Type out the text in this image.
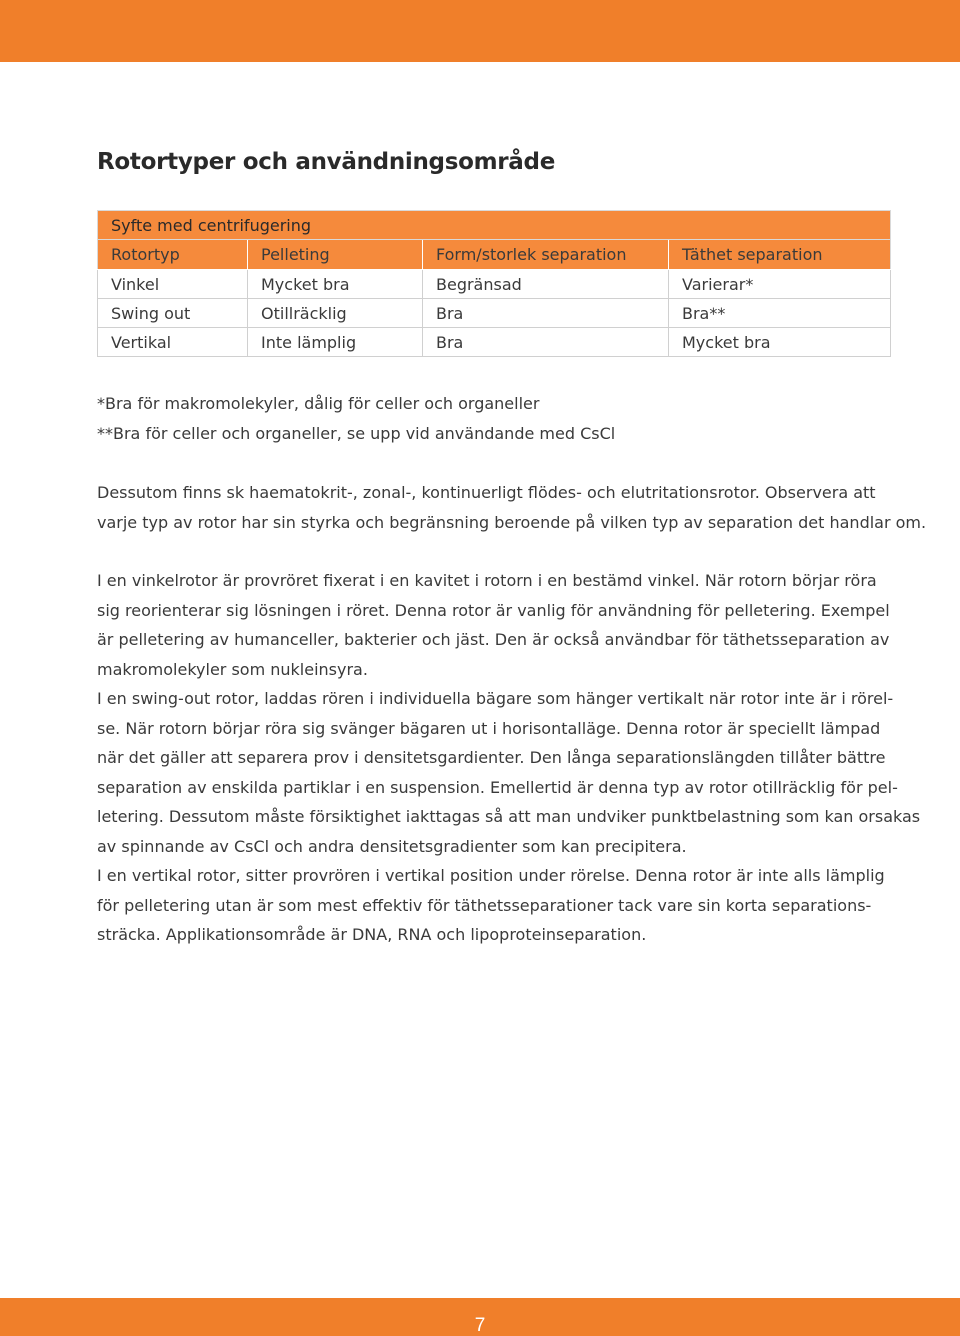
Rotortyper och användningsområde
Syfte med centrifugering			
Rotortyp	Pelleting	Form/storlek separation	Täthet separation
Vinkel	Mycket bra	Begränsad	Varierar*
Swing out	Otillräcklig	Bra	Bra**
Vertikal	Inte lämplig	Bra	Mycket bra

*Bra för makromolekyler, dålig för celler och organeller

**Bra för celler och organeller, se upp vid användande med CsCl

Dessutom finns sk haematokrit-, zonal-, kontinuerligt flödes- och elutritationsrotor. Observera att
varje typ av rotor har sin styrka och begränsning beroende på vilken typ av separation det handlar om.
I en vinkelrotor är provröret fixerat i en kavitet i rotorn i en bestämd vinkel. När rotorn börjar röra
sig reorienterar sig lösningen i röret. Denna rotor är vanlig för användning för pelletering. Exempel
är pelletering av humanceller, bakterier och jäst. Den är också användbar för täthetsseparation av
makromolekyler som nukleinsyra.
I en swing-out rotor, laddas rören i individuella bägare som hänger vertikalt när rotor inte är i rörel-
se. När rotorn börjar röra sig svänger bägaren ut i horisontalläge. Denna rotor är speciellt lämpad
när det gäller att separera prov i densitetsgardienter. Den långa separationslängden tillåter bättre
separation av enskilda partiklar i en suspension. Emellertid är denna typ av rotor otillräcklig för pel-
letering. Dessutom måste försiktighet iakttagas så att man undviker punktbelastning som kan orsakas
av spinnande av CsCl och andra densitetsgradienter som kan precipitera.
I en vertikal rotor, sitter provrören i vertikal position under rörelse. Denna rotor är inte alls lämplig
för pelletering utan är som mest effektiv för täthetsseparationer tack vare sin korta separations-
sträcka. Applikationsområde är DNA, RNA och lipoproteinseparation.
7
